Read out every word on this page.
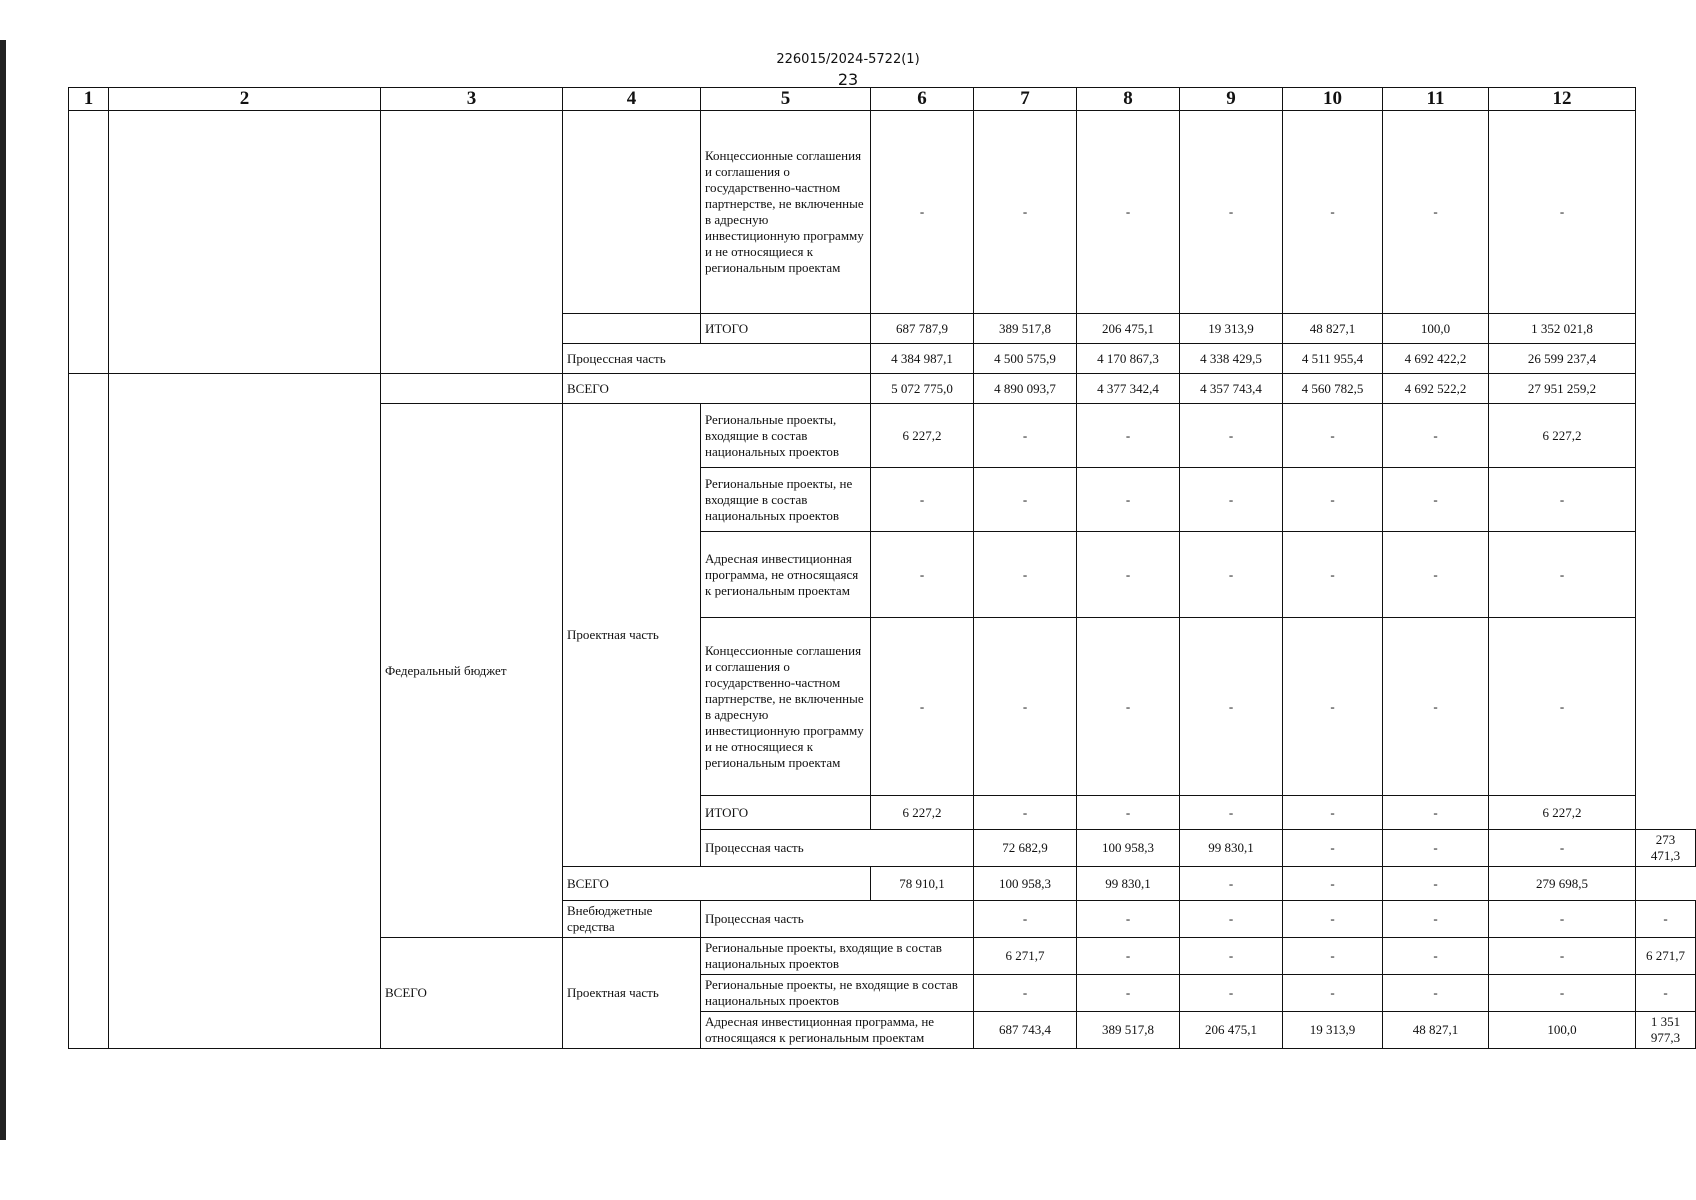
226015/2024-5722(1)
23
1	2	3	4	5	6	7	8	9	10	11	12	
				Концессионные соглашения и соглашения о государственно-частном партнерстве, не включенные в адресную инвестиционную программу и не относящиеся к региональным проектам	-	-	-	-	-	-	-	
				ИТОГО	687 787,9	389 517,8	206 475,1	19 313,9	48 827,1	100,0	1 352 021,8	
			Процессная часть		4 384 987,1	4 500 575,9	4 170 867,3	4 338 429,5	4 511 955,4	4 692 422,2	26 599 237,4	
			ВСЕГО		5 072 775,0	4 890 093,7	4 377 342,4	4 357 743,4	4 560 782,5	4 692 522,2	27 951 259,2	
		Федеральный бюджет	Проектная часть	Региональные проекты, входящие в состав национальных проектов	6 227,2	-	-	-	-	-	6 227,2	
				Региональные проекты, не входящие в состав национальных проектов	-	-	-	-	-	-	-	
				Адресная инвестиционная программа, не относящаяся к региональным проектам	-	-	-	-	-	-	-	
				Концессионные соглашения и соглашения о государственно-частном партнерстве, не включенные в адресную инвестиционную программу и не относящиеся к региональным проектам	-	-	-	-	-	-	-	
				ИТОГО	6 227,2	-	-	-	-	-	6 227,2	
				Процессная часть		72 682,9	100 958,3	99 830,1	-	-	-	273 471,3
			ВСЕГО		78 910,1	100 958,3	99 830,1	-	-	-	279 698,5	
			Внебюджетные средства	Процессная часть		-	-	-	-	-	-	-
		ВСЕГО	Проектная часть	Региональные проекты, входящие в состав национальных проектов		6 271,7	-	-	-	-	-	6 271,7
				Региональные проекты, не входящие в состав национальных проектов		-	-	-	-	-	-	-
				Адресная инвестиционная программа, не относящаяся к региональным проектам		687 743,4	389 517,8	206 475,1	19 313,9	48 827,1	100,0	1 351 977,3
